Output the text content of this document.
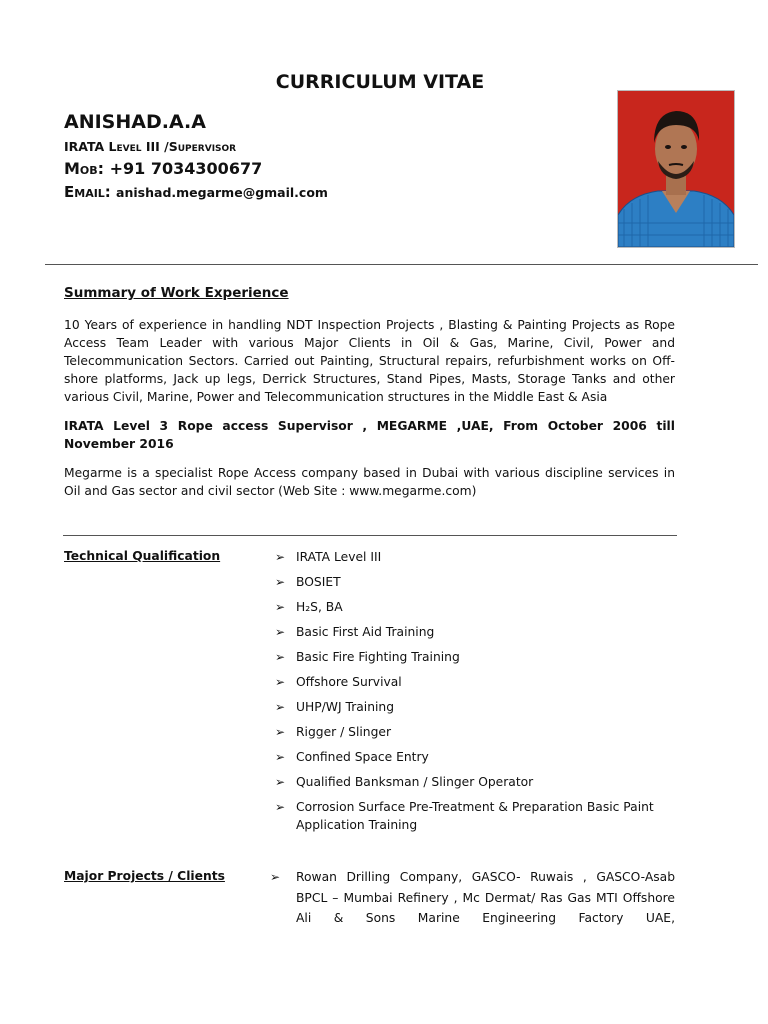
CURRICULUM VITAE
ANISHAD.A.A
IRATA Level III /Supervisor
Mob: +91 7034300677
Email: anishad.megarme@gmail.com
Summary of Work Experience
10 Years of experience in handling NDT Inspection Projects , Blasting & Painting Projects as Rope Access Team Leader with various Major Clients in Oil & Gas, Marine, Civil, Power and Telecommunication Sectors. Carried out Painting, Structural repairs, refurbishment works on Off-shore platforms, Jack up legs, Derrick Structures, Stand Pipes, Masts, Storage Tanks and other various Civil, Marine, Power and Telecommunication structures in the Middle East & Asia
IRATA Level 3 Rope access Supervisor , MEGARME ,UAE, From October 2006 till November 2016
Megarme is a specialist Rope Access company based in Dubai with various discipline services in Oil and Gas sector and civil sector (Web Site : www.megarme.com)
Technical Qualification	➢ IRATA Level III
➢ BOSIET
➢ H₂S, BA
➢ Basic First Aid Training
➢ Basic Fire Fighting Training
➢ Offshore Survival
➢ UHP/WJ Training
➢ Rigger / Slinger
➢ Confined Space Entry
➢ Qualified Banksman / Slinger Operator
➢ Corrosion Surface Pre-Treatment & Preparation Basic Paint Application Training
Major Projects / Clients	➢ Rowan Drilling Company, GASCO- Ruwais , GASCO-Asab BPCL – Mumbai Refinery , Mc Dermat/ Ras Gas MTI Offshore Ali & Sons Marine Engineering Factory UAE,
